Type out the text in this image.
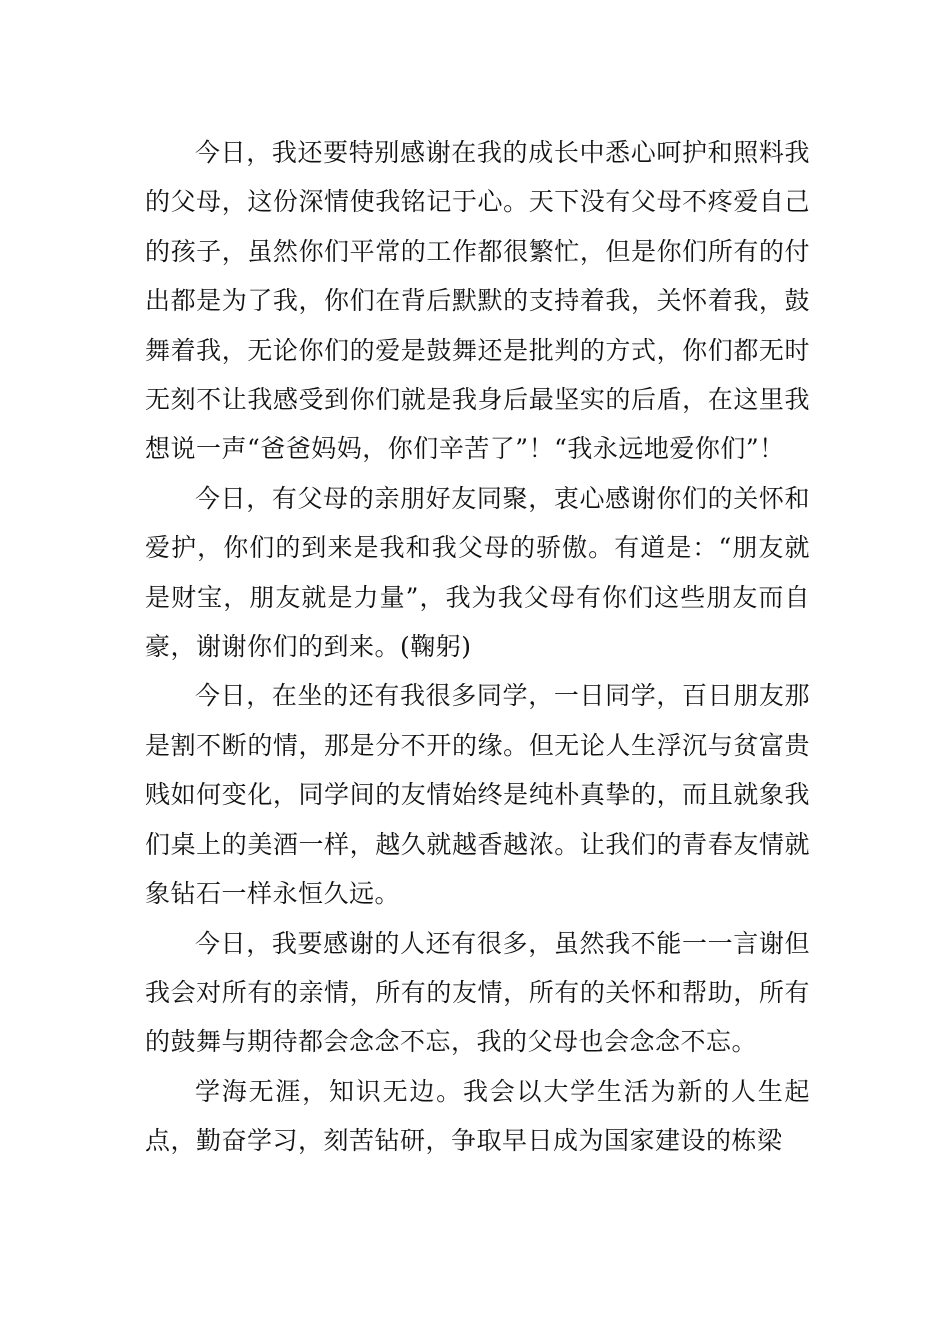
今日，我还要特别感谢在我的成长中悉心呵护和照料我的父母，这份深情使我铭记于心。天下没有父母不疼爱自己的孩子，虽然你们平常的工作都很繁忙，但是你们所有的付出都是为了我，你们在背后默默的支持着我，关怀着我，鼓舞着我，无论你们的爱是鼓舞还是批判的方式，你们都无时无刻不让我感受到你们就是我身后最坚实的后盾，在这里我想说一声“爸爸妈妈，你们辛苦了”！“我永远地爱你们”！

今日，有父母的亲朋好友同聚，衷心感谢你们的关怀和爱护，你们的到来是我和我父母的骄傲。有道是：“朋友就是财宝，朋友就是力量”，我为我父母有你们这些朋友而自豪，谢谢你们的到来。(鞠躬)

今日，在坐的还有我很多同学，一日同学，百日朋友那是割不断的情，那是分不开的缘。但无论人生浮沉与贫富贵贱如何变化，同学间的友情始终是纯朴真挚的，而且就象我们桌上的美酒一样，越久就越香越浓。让我们的青春友情就象钻石一样永恒久远。

今日，我要感谢的人还有很多，虽然我不能一一言谢但我会对所有的亲情，所有的友情，所有的关怀和帮助，所有的鼓舞与期待都会念念不忘，我的父母也会念念不忘。

学海无涯，知识无边。我会以大学生活为新的人生起点，勤奋学习，刻苦钻研，争取早日成为国家建设的栋梁
